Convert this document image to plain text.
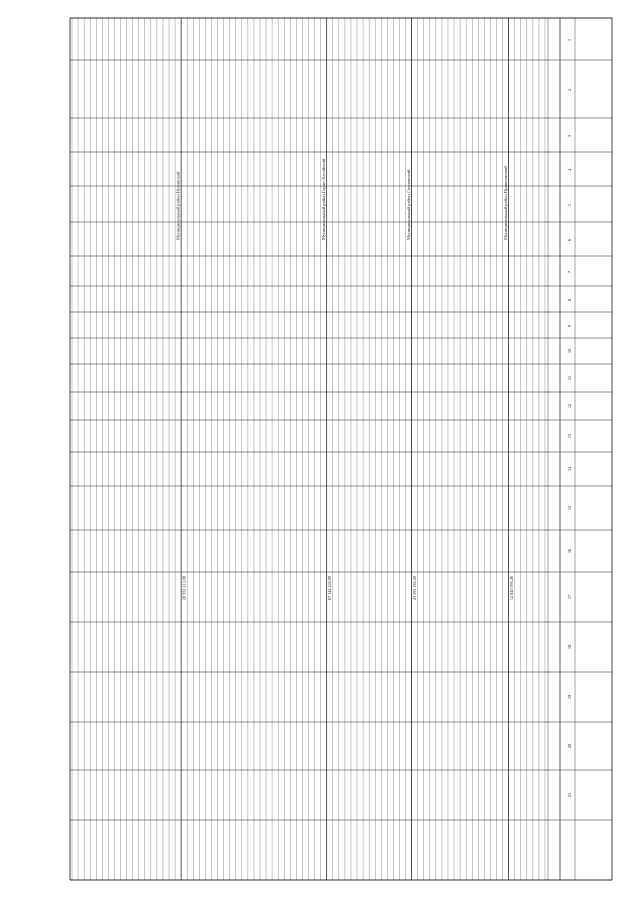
1
2
3
4
5
6
7
8
9
10
11
12
13
14
15
16
17
18
19
20
21
Муниципальный район Приволжский
Муниципальный район Сосновский
Муниципальный район Горно-Алтайский
Муниципальный район Ногинский
12 845 095,26
23 591 165,20
67 144 222,00
28 950 113,08
